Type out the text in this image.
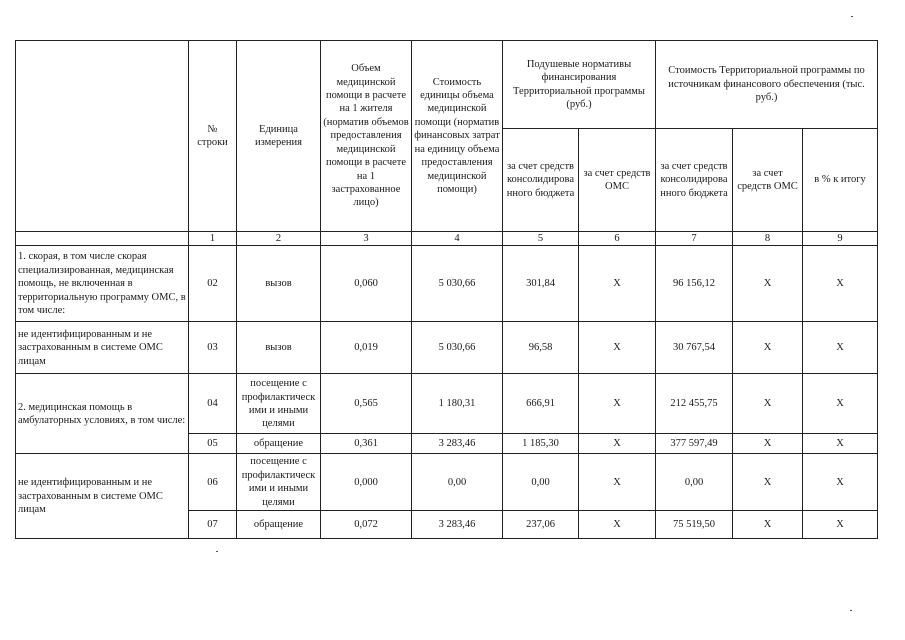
	№ строки	Единица измерения	Объем медицинской помощи в расчете на 1 жителя (норматив объемов предоставления медицинской помощи в расчете на 1 застрахованное лицо)	Стоимость единицы объема медицинской помощи (норматив финансовых затрат на единицу объема предоставления медицинской помощи)	Подушевые нормативы финансирования Территориальной программы (руб.)		Стоимость Территориальной программы по источникам финансового обеспечения (тыс. руб.)		
					за счет средств консолидирова нного бюджета	за счет средств ОМС	за счет средств консолидирова нного бюджета	за счет средств ОМС	в % к итогу
	1	2	3	4	5	6	7	8	9
1. скорая, в том числе скорая специализированная, медицинская помощь, не включенная в территориальную программу ОМС, в том числе:	02	вызов	0,060	5 030,66	301,84	X	96 156,12	X	X
не идентифицированным и не застрахованным в системе ОМС лицам	03	вызов	0,019	5 030,66	96,58	X	30 767,54	X	X
2. медицинская помощь в амбулаторных условиях, в том числе:	04	посещение с профилактическ ими и иными целями	0,565	1 180,31	666,91	X	212 455,75	X	X
	05	обращение	0,361	3 283,46	1 185,30	X	377 597,49	X	X
не идентифицированным и не застрахованным в системе ОМС лицам	06	посещение с профилактическ ими и иными целями	0,000	0,00	0,00	X	0,00	X	X
	07	обращение	0,072	3 283,46	237,06	X	75 519,50	X	X
